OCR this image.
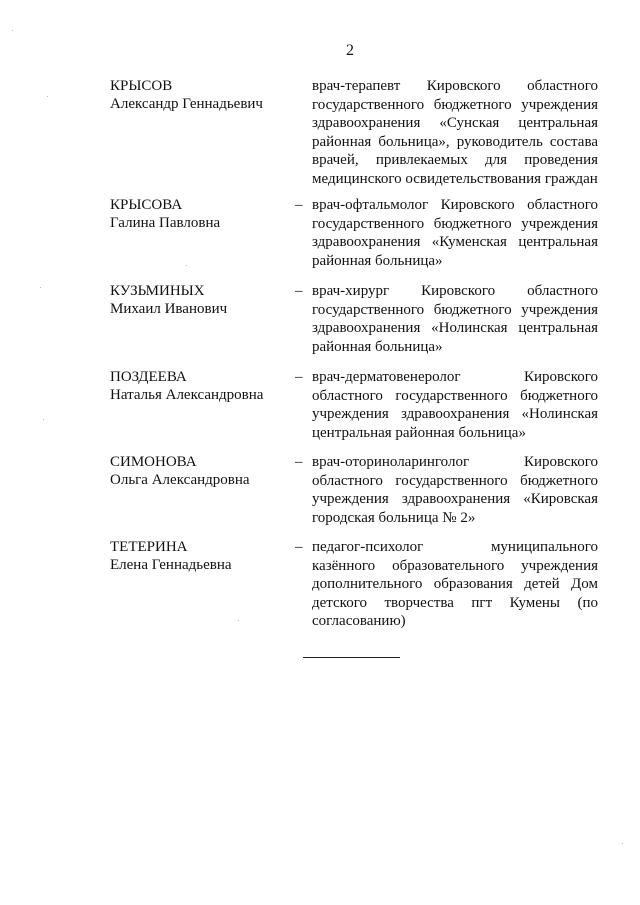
2
КРЫСОВ
Александр Геннадьевич
врач-терапевт Кировского областного государственного бюджетного учреждения здравоохранения «Сунская центральная районная больница», руководитель состава врачей, привлекаемых для проведения медицинского освидетельствования граждан
КРЫСОВА
Галина Павловна
– врач-офтальмолог Кировского областного государственного бюджетного учреждения здравоохранения «Куменская центральная районная больница»
КУЗЬМИНЫХ
Михаил Иванович
– врач-хирург Кировского областного государственного бюджетного учреждения здравоохранения «Нолинская центральная районная больница»
ПОЗДЕЕВА
Наталья Александровна
– врач-дерматовенеролог Кировского областного государственного бюджетного учреждения здравоохранения «Нолинская центральная районная больница»
СИМОНОВА
Ольга Александровна
– врач-оториноларинголог Кировского областного государственного бюджетного учреждения здравоохранения «Кировская городская больница № 2»
ТЕТЕРИНА
Елена Геннадьевна
– педагог-психолог муниципального казённого образовательного учреждения дополнительного образования детей Дом детского творчества пгт Кумены (по согласованию)
